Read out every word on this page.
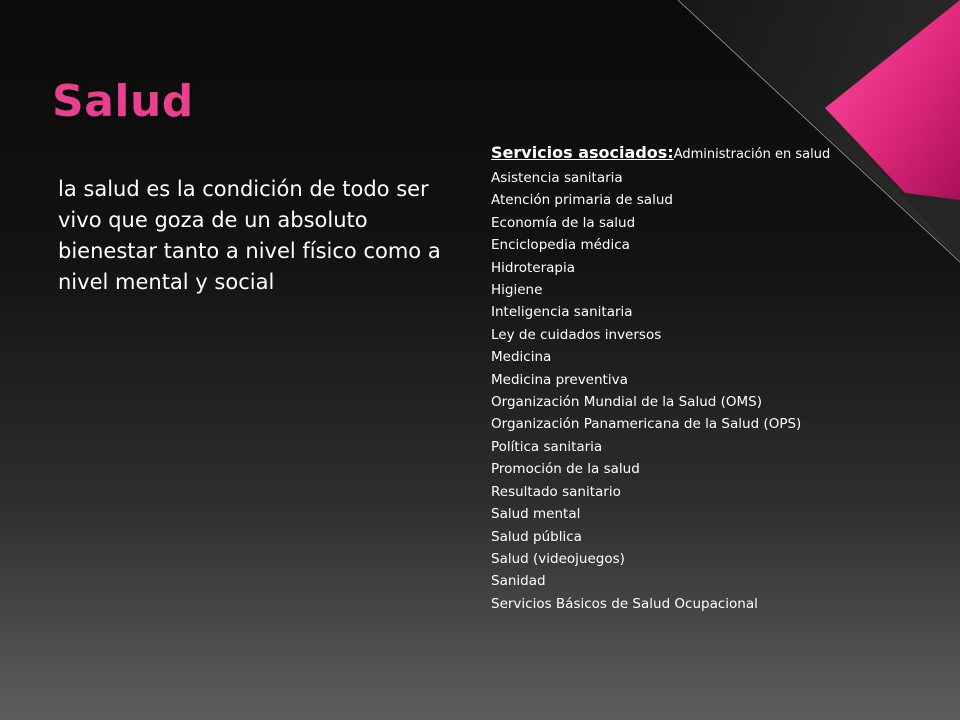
Salud
la salud es la condición de todo ser vivo que goza de un absoluto bienestar tanto a nivel físico como a nivel mental y social
Servicios asociados:Administración en salud
Asistencia sanitaria
Atención primaria de salud
Economía de la salud
Enciclopedia médica
Hidroterapia
Higiene
Inteligencia sanitaria
Ley de cuidados inversos
Medicina
Medicina preventiva
Organización Mundial de la Salud (OMS)
Organización Panamericana de la Salud (OPS)
Política sanitaria
Promoción de la salud
Resultado sanitario
Salud mental
Salud pública
Salud (videojuegos)
Sanidad
Servicios Básicos de Salud Ocupacional
